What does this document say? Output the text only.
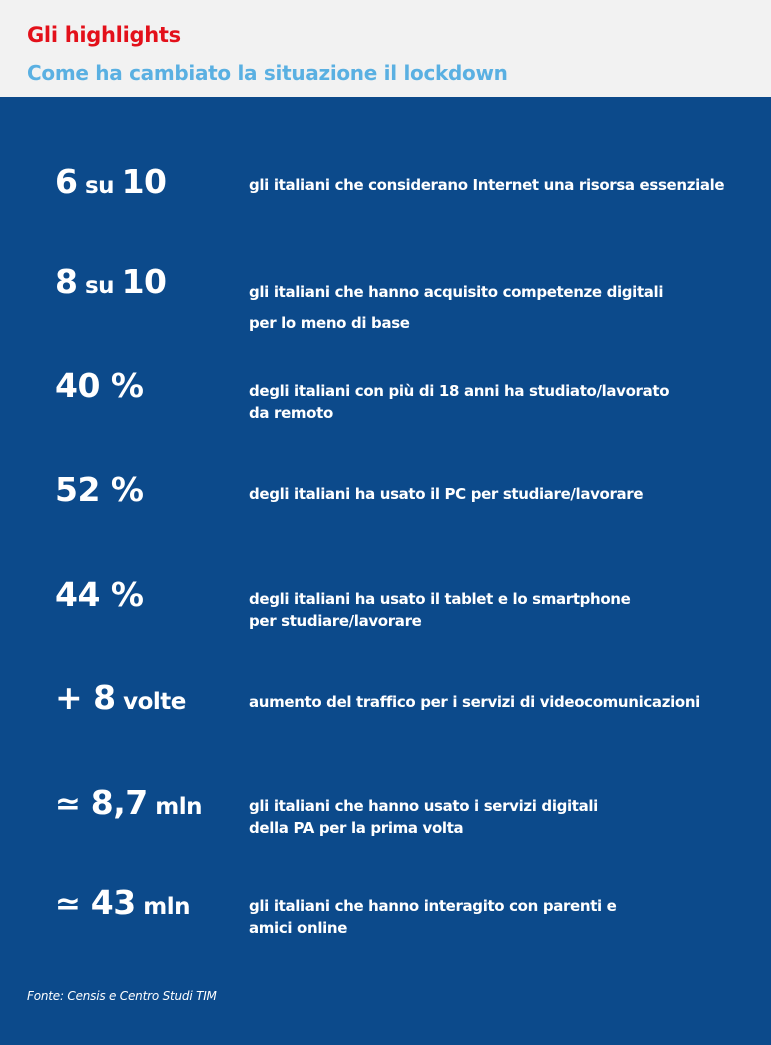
Gli highlights
Come ha cambiato la situazione il lockdown
6 su 10	gli italiani che considerano Internet una risorsa essenziale
8 su 10	gli italiani che hanno acquisito competenze digitali
per lo meno di base
40 %	degli italiani con più di 18 anni ha studiato/lavorato
da remoto
52 %	degli italiani ha usato il PC per studiare/lavorare
44 %	degli italiani ha usato il tablet e lo smartphone
per studiare/lavorare
+ 8 volte	aumento del traffico per i servizi di videocomunicazioni
≃ 8,7 mln	gli italiani che hanno usato i servizi digitali
della PA per la prima volta
≃ 43 mln	gli italiani che hanno interagito con parenti e
amici online
Fonte: Censis e Centro Studi TIM
